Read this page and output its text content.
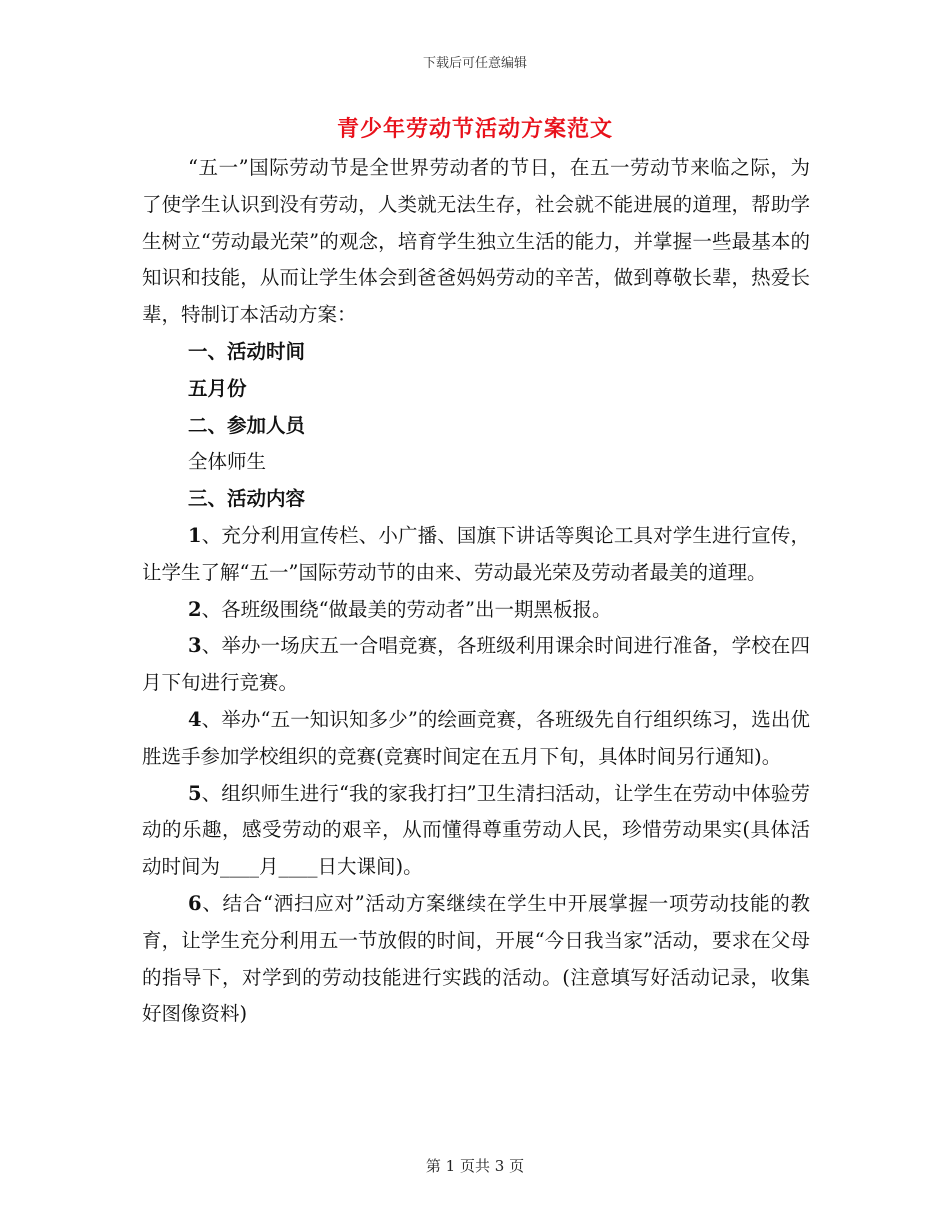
下载后可任意编辑
青少年劳动节活动方案范文

“五一”国际劳动节是全世界劳动者的节日，在五一劳动节来临之际，为了使学生认识到没有劳动，人类就无法生存，社会就不能进展的道理，帮助学生树立“劳动最光荣”的观念，培育学生独立生活的能力，并掌握一些最基本的知识和技能，从而让学生体会到爸爸妈妈劳动的辛苦，做到尊敬长辈，热爱长辈，特制订本活动方案：

一、活动时间

五月份

二、参加人员

全体师生

三、活动内容

1、充分利用宣传栏、小广播、国旗下讲话等舆论工具对学生进行宣传，让学生了解“五一”国际劳动节的由来、劳动最光荣及劳动者最美的道理。

2、各班级围绕“做最美的劳动者”出一期黑板报。

3、举办一场庆五一合唱竞赛，各班级利用课余时间进行准备，学校在四月下旬进行竞赛。

4、举办“五一知识知多少”的绘画竞赛，各班级先自行组织练习，选出优胜选手参加学校组织的竞赛(竞赛时间定在五月下旬，具体时间另行通知)。

5、组织师生进行“我的家我打扫”卫生清扫活动，让学生在劳动中体验劳动的乐趣，感受劳动的艰辛，从而懂得尊重劳动人民，珍惜劳动果实(具体活动时间为____月____日大课间)。

6、结合“洒扫应对”活动方案继续在学生中开展掌握一项劳动技能的教育，让学生充分利用五一节放假的时间，开展“今日我当家”活动，要求在父母的指导下，对学到的劳动技能进行实践的活动。(注意填写好活动记录，收集好图像资料)

第 1 页共 3 页
